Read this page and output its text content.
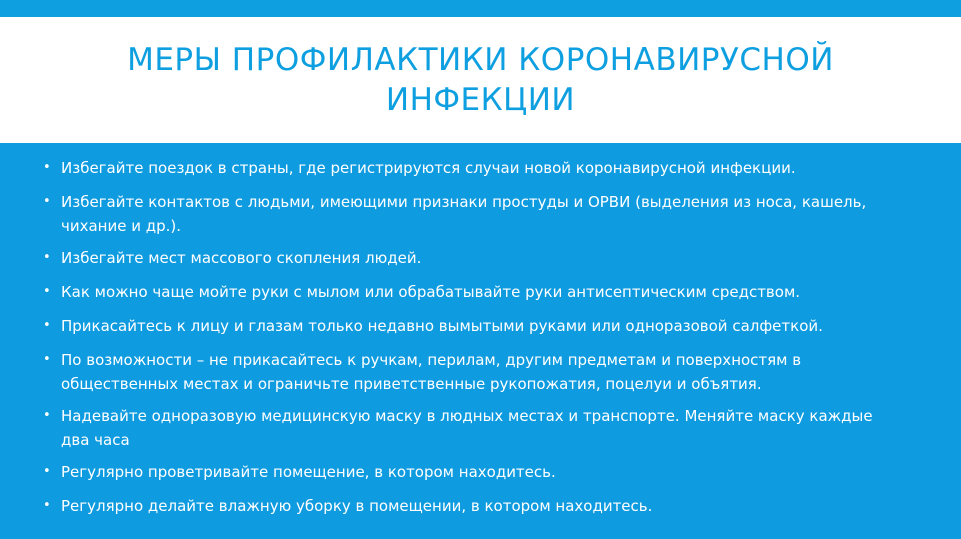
МЕРЫ ПРОФИЛАКТИКИ КОРОНАВИРУСНОЙ ИНФЕКЦИИ
• Избегайте поездок в страны, где регистрируются случаи новой коронавирусной инфекции.
• Избегайте контактов с людьми, имеющими признаки простуды и ОРВИ (выделения из носа, кашель,   чихание и др.).
• Избегайте мест массового скопления людей.
• Как можно чаще мойте руки с мылом или обрабатывайте руки антисептическим средством.
• Прикасайтесь к лицу и глазам только недавно вымытыми руками или одноразовой салфеткой.
• По возможности – не прикасайтесь к ручкам, перилам, другим предметам и поверхностям в общественных местах и ограничьте приветственные рукопожатия, поцелуи и объятия.
• Надевайте одноразовую медицинскую маску в людных местах и транспорте. Меняйте маску каждые два часа
• Регулярно проветривайте помещение, в котором находитесь.
• Регулярно делайте влажную уборку в помещении, в котором находитесь.
